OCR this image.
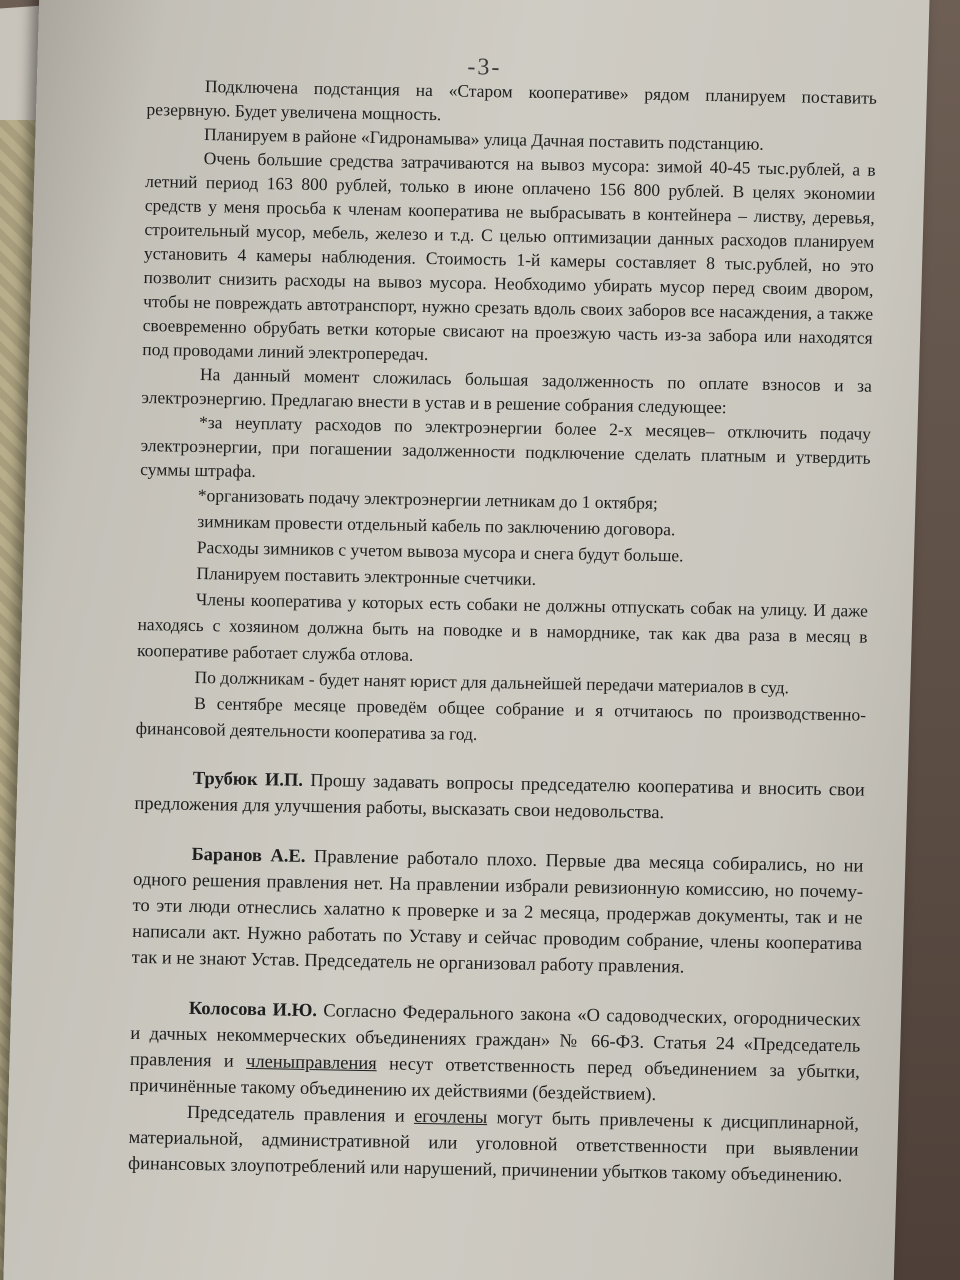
-3-

Подключена подстанция на «Старом кооперативе» рядом планируем поставить резервную. Будет увеличена мощность.

Планируем в районе «Гидронамыва» улица Дачная поставить подстанцию.

Очень большие средства затрачиваются на вывоз мусора: зимой 40-45 тыс.рублей, а в летний период 163 800 рублей, только в июне оплачено 156 800 рублей. В целях экономии средств у меня просьба к членам кооператива не выбрасывать в контейнера – листву, деревья, строительный мусор, мебель, железо и т.д. С целью оптимизации данных расходов планируем установить 4 камеры наблюдения. Стоимость 1-й камеры составляет 8 тыс.рублей, но это позволит снизить расходы на вывоз мусора. Необходимо убирать мусор перед своим двором, чтобы не повреждать автотранспорт, нужно срезать вдоль своих заборов все насаждения, а также своевременно обрубать ветки которые свисают на проезжую часть из-за забора или находятся под проводами линий электропередач.

На данный момент сложилась большая задолженность по оплате взносов и за электроэнергию. Предлагаю внести в устав и в решение собрания следующее:

*за неуплату расходов по электроэнергии более 2-х месяцев– отключить подачу электроэнергии, при погашении задолженности подключение сделать платным и утвердить суммы штрафа.

*организовать подачу электроэнергии летникам до 1 октября;

зимникам провести отдельный кабель по заключению договора.

Расходы зимников с учетом вывоза мусора и снега будут больше.

Планируем поставить электронные счетчики.

Члены кооператива у которых есть собаки не должны отпускать собак на улицу. И даже находясь с хозяином должна быть на поводке и в наморднике, так как два раза в месяц в кооперативе работает служба отлова.

По должникам - будет нанят юрист для дальнейшей передачи материалов в суд.

В сентябре месяце проведём общее собрание и я отчитаюсь по производственно-финансовой деятельности кооператива за год.

Трубюк И.П. Прошу задавать вопросы председателю кооператива и вносить свои предложения для улучшения работы, высказать свои недовольства.

Баранов А.Е. Правление работало плохо. Первые два месяца собирались, но ни одного решения правления нет. На правлении избрали ревизионную комиссию, но почему-то эти люди отнеслись халатно к проверке и за 2 месяца, продержав документы, так и не написали акт. Нужно работать по Уставу и сейчас проводим собрание, члены кооператива так и не знают Устав. Председатель не организовал работу правления.

Колосова И.Ю. Согласно Федерального закона «О садоводческих, огороднических и дачных некоммерческих объединениях граждан» № 66-ФЗ. Статья 24 «Председатель правления и членыправления несут ответственность перед объединением за убытки, причинённые такому объединению их действиями (бездействием).

Председатель правления и егочлены могут быть привлечены к дисциплинарной, материальной, административной или уголовной ответственности при выявлении финансовых злоупотреблений или нарушений, причинении убытков такому объединению.
